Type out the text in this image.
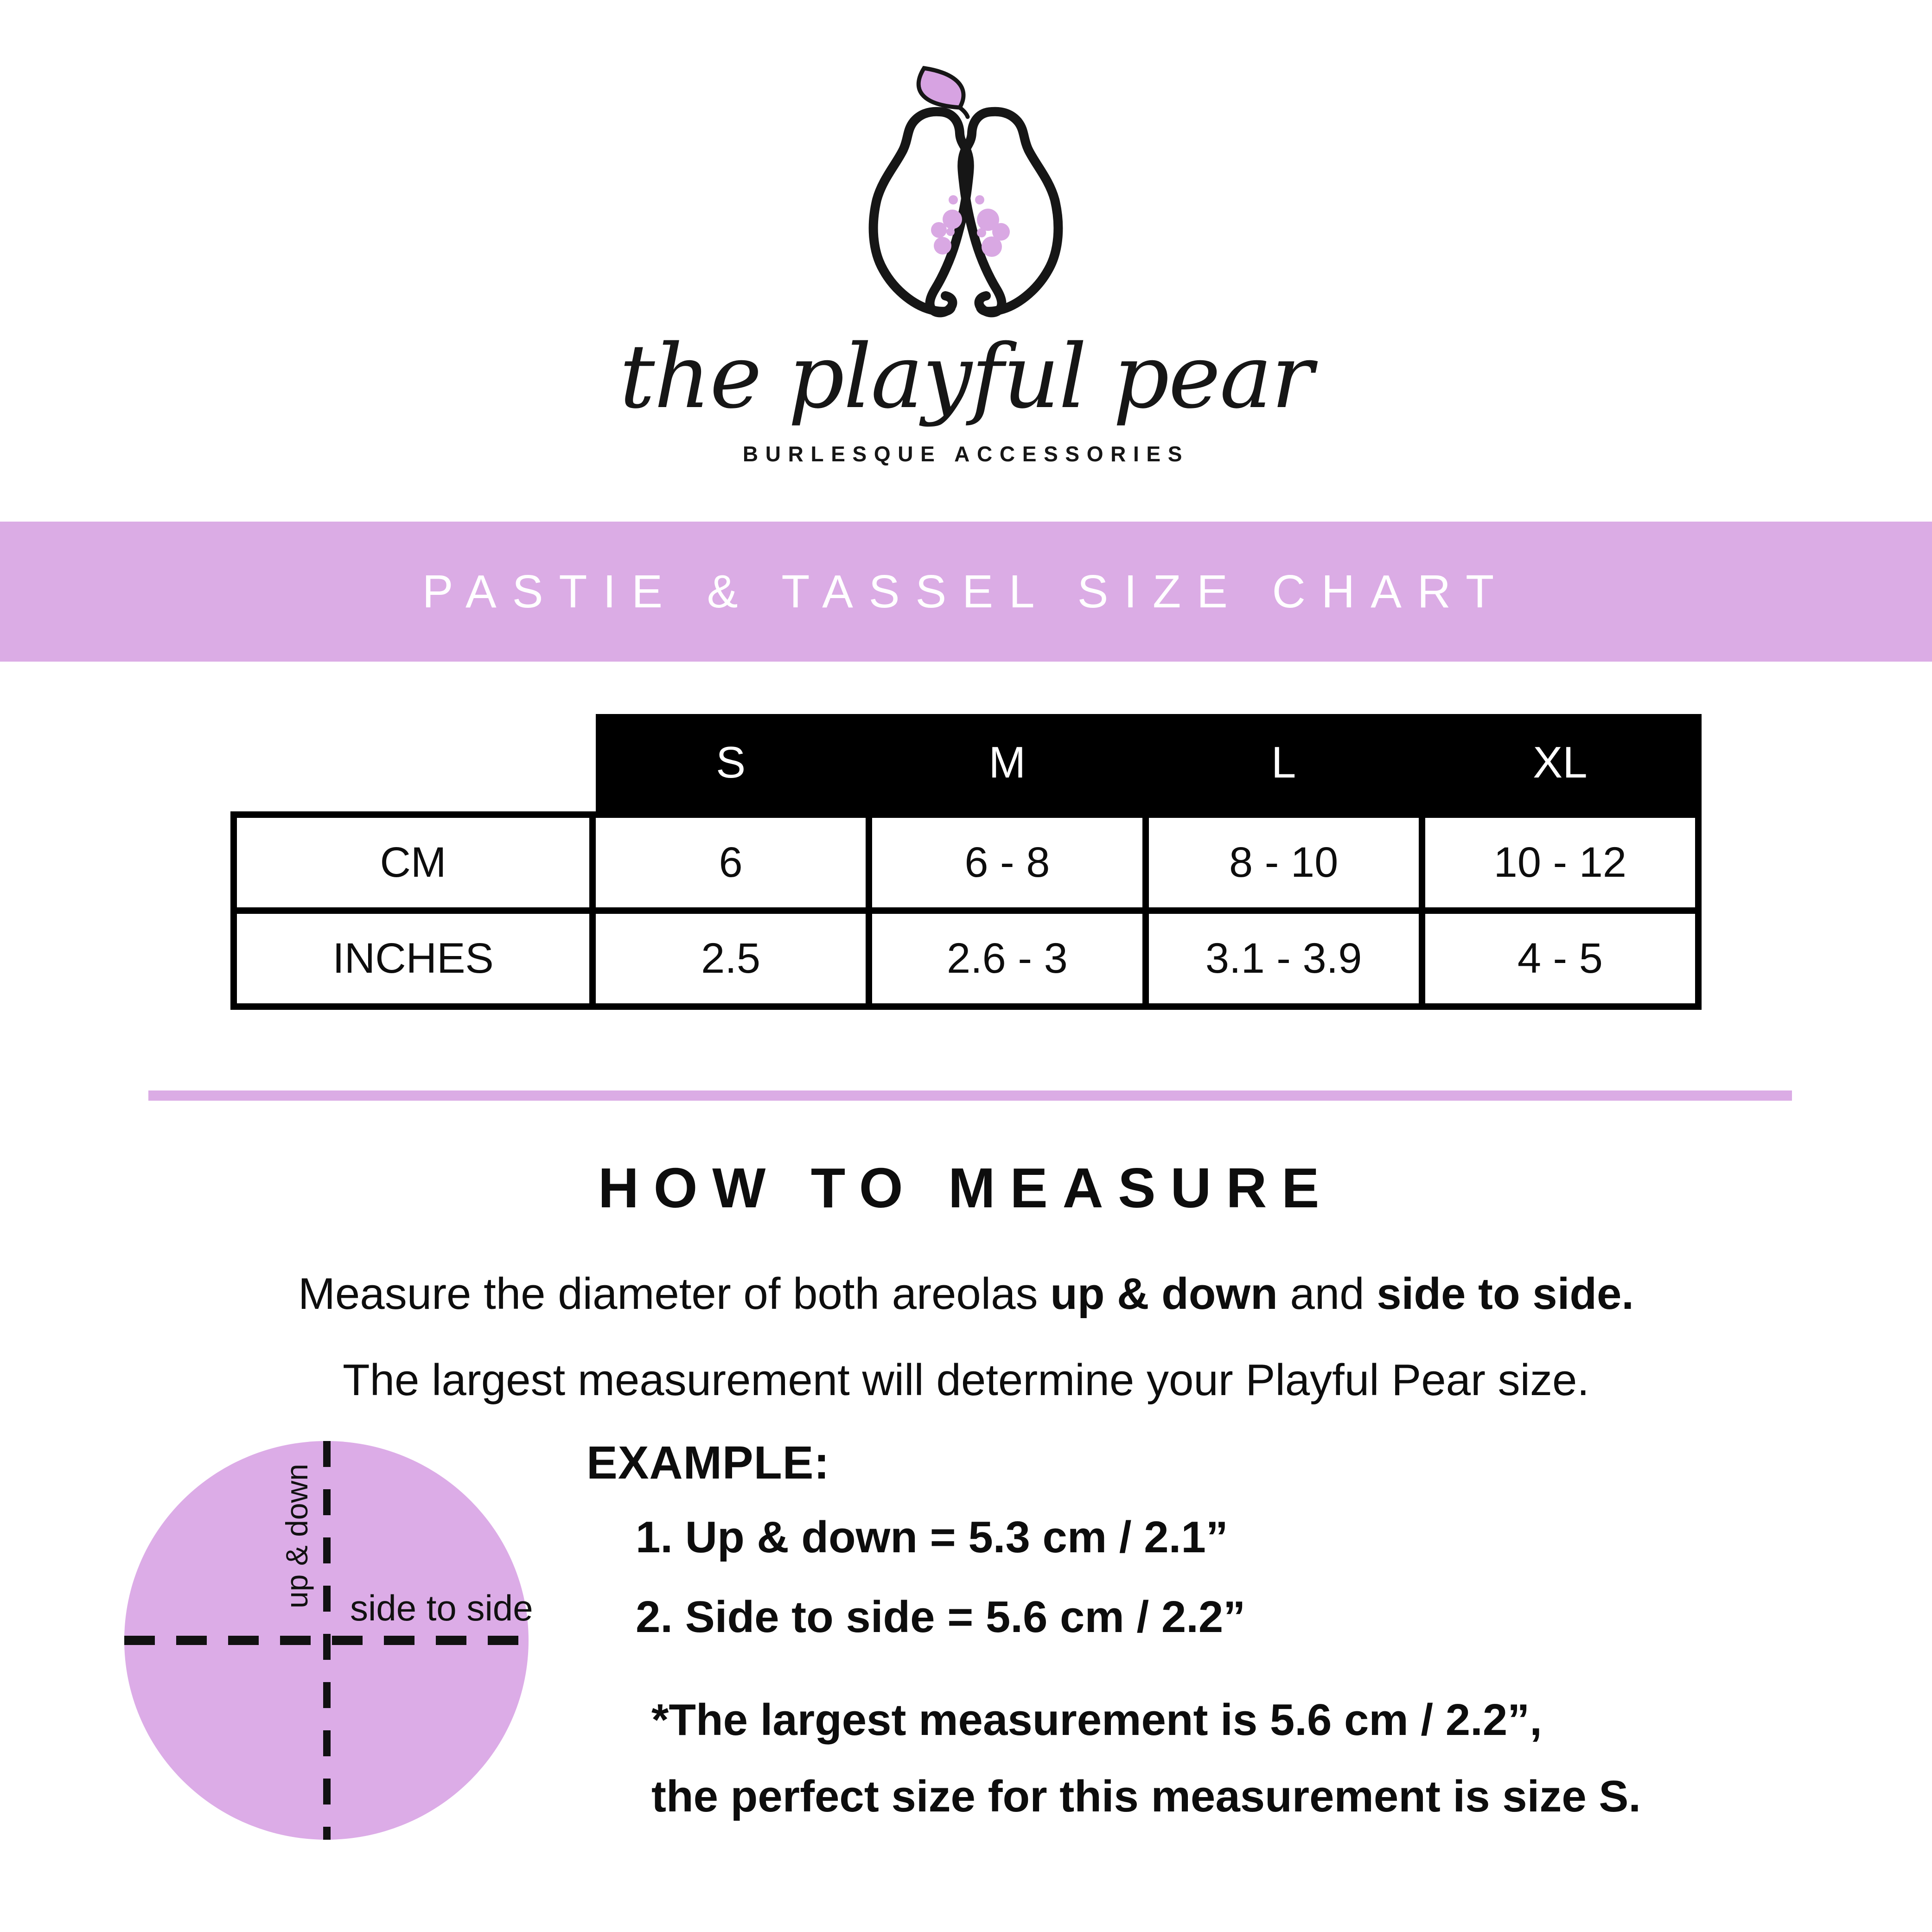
the playful pear
BURLESQUE ACCESSORIES
PASTIE & TASSEL SIZE CHART
S	M	L	XL
CM	6	6 - 8	8 - 10	10 - 12
INCHES	2.5	2.6 - 3	3.1 - 3.9	4 - 5
HOW TO MEASURE
Measure the diameter of both areolas up & down and side to side.
The largest measurement will determine your Playful Pear size.
up & down side to side
EXAMPLE:
1. Up & down = 5.3 cm / 2.1”
2. Side to side = 5.6 cm / 2.2”
*The largest measurement is 5.6 cm / 2.2”,
the perfect size for this measurement is size S.
